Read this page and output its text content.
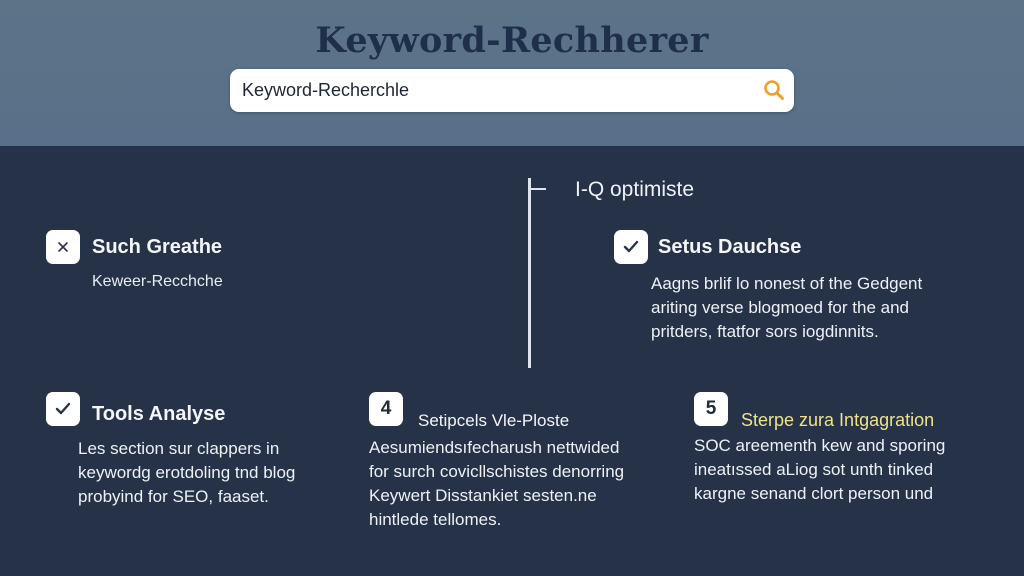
Keyword-Rechherer
Keyword-Recherchle
I-Q optimiste
Such Greathe
Keweer-Recchche
Setus Dauchse

Aagns brlif lo nonest of the Gedgent

ariting verse blogmoed for the and

pritders, ftatfor sors iogdinnits.

Tools Analyse

Les section sur clappers in

keywordg erotdoling tnd blog

probyind for SEO, faaset.

4
Setipcels Vle-Ploste

Aesumiendsıfecharush nettwided

for surch covicllschistes denorring

Keywert Disstankiet sesten.ne

hintlede tellomes.

5
Sterpe zura Intgagration

SOC areementh kew and sporing

ineatıssed aLiog sot unth tinked

kargne senand clort person und
